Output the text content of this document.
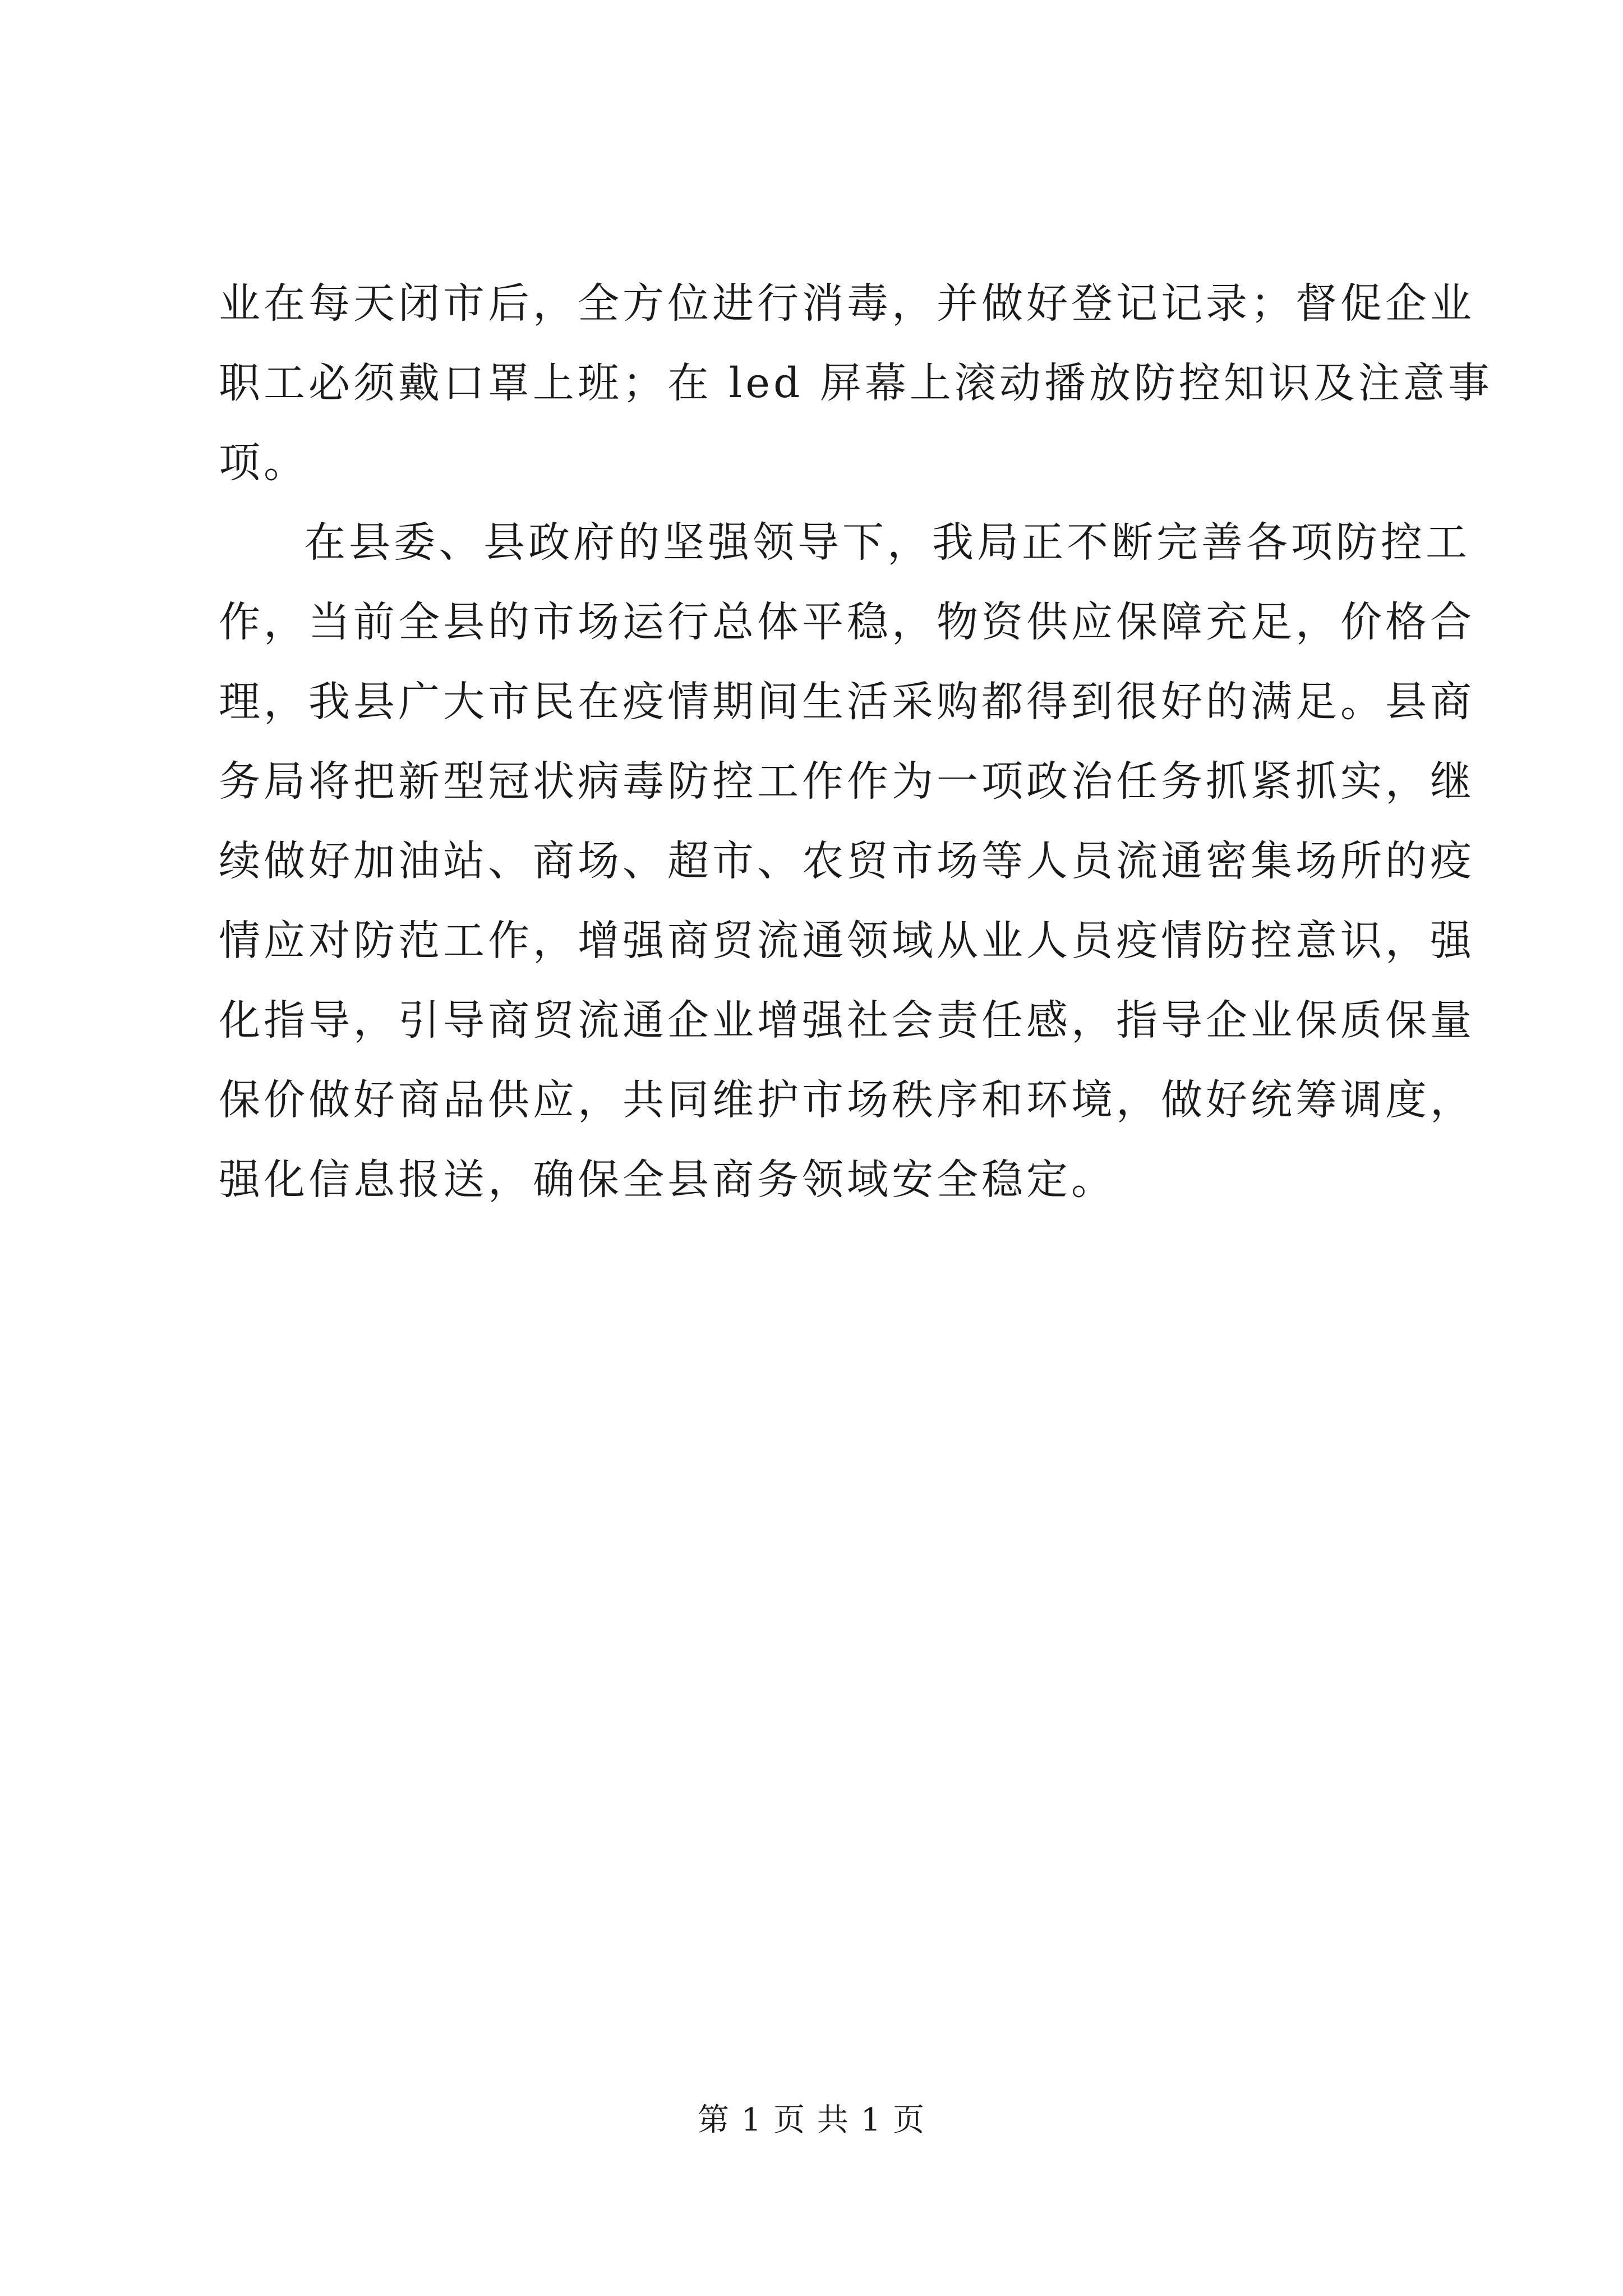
业在每天闭市后，全方位进行消毒，并做好登记记录；督促企业
职工必须戴口罩上班；在 led 屏幕上滚动播放防控知识及注意事
项。
在县委、县政府的坚强领导下，我局正不断完善各项防控工
作，当前全县的市场运行总体平稳，物资供应保障充足，价格合
理，我县广大市民在疫情期间生活采购都得到很好的满足。县商
务局将把新型冠状病毒防控工作作为一项政治任务抓紧抓实，继
续做好加油站、商场、超市、农贸市场等人员流通密集场所的疫
情应对防范工作，增强商贸流通领域从业人员疫情防控意识，强
化指导，引导商贸流通企业增强社会责任感，指导企业保质保量
保价做好商品供应，共同维护市场秩序和环境，做好统筹调度，
强化信息报送，确保全县商务领域安全稳定。
第 1 页 共 1 页
